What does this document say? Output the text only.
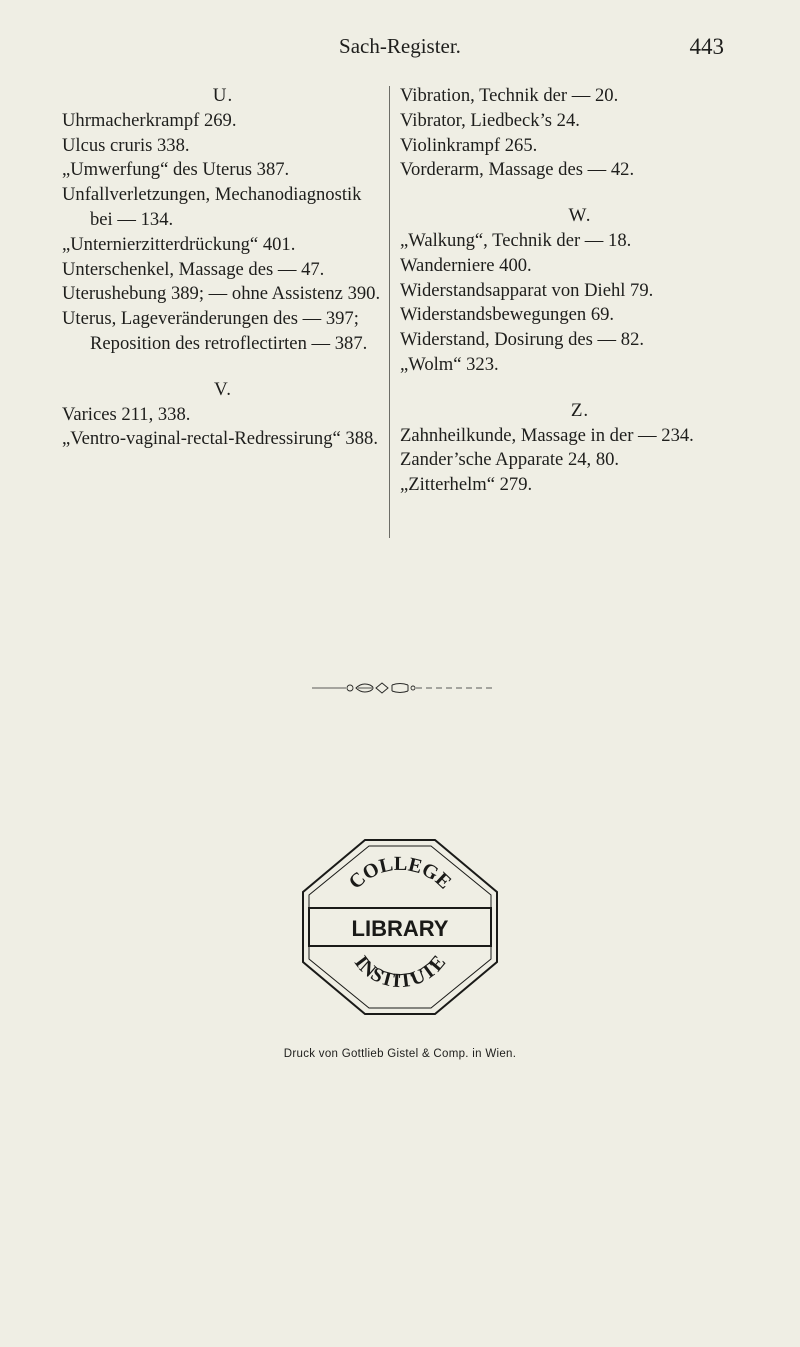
Sach-Register.	443
U.
Uhrmacherkrampf 269.
Ulcus cruris 338.
„Umwerfung“ des Uterus 387.
Unfallverletzungen, Mechanodiagnostik bei — 134.
„Unternierzitterdrückung“ 401.
Unterschenkel, Massage des — 47.
Uterushebung 389; — ohne Assistenz 390.
Uterus, Lageveränderungen des — 397; Reposition des retroflectirten — 387.
V.
Varices 211, 338.
„Ventro-vaginal-rectal-Redressirung“ 388.
Vibration, Technik der — 20.
Vibrator, Liedbeck’s 24.
Violinkrampf 265.
Vorderarm, Massage des — 42.
W.
„Walkung“, Technik der — 18.
Wanderniere 400.
Widerstandsapparat von Diehl 79.
Widerstandsbewegungen 69.
Widerstand, Dosirung des — 82.
„Wolm“ 323.
Z.
Zahnheilkunde, Massage in der — 234.
Zander’sche Apparate 24, 80.
„Zitterhelm“ 279.
LIBRARY
COLLEGE
INSTITUTE
Druck von Gottlieb Gistel & Comp. in Wien.
